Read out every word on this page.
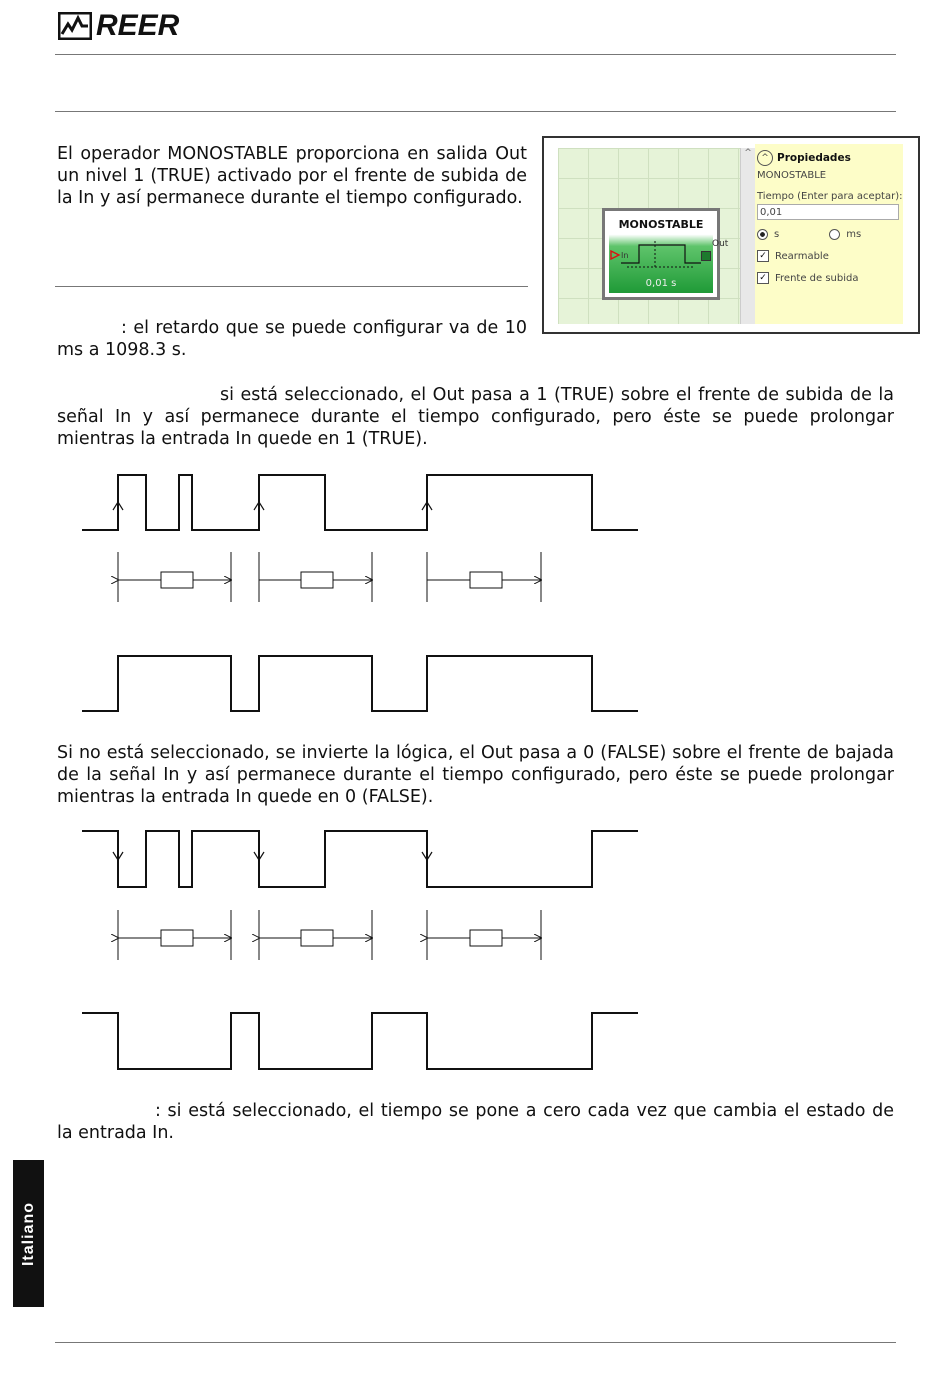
REER
El operador MONOSTABLE proporciona en salida Out un nivel 1 (TRUE) activado por el frente de subida de la In y así permanece durante el tiempo configurado.
MONOSTABLE
In
0,01 s
Out
^	^ Propiedades
MONOSTABLE
Tiempo (Enter para aceptar):
0,01
s	ms
✓ Rearmable
✓ Frente de subida
: el retardo que se puede configurar va de 10 ms a 1098.3 s.
si está seleccionado, el Out pasa a 1 (TRUE) sobre el frente de subida de la señal In y así permanece durante el tiempo configurado, pero éste se puede prolongar mientras la entrada In quede en 1 (TRUE).
Si no está seleccionado, se invierte la lógica, el Out pasa a 0 (FALSE) sobre el frente de bajada de la señal In y así permanece durante el tiempo configurado, pero éste se puede prolongar mientras la entrada In quede en 0 (FALSE).
: si está seleccionado, el tiempo se pone a cero cada vez que cambia el estado de la entrada In.
Italiano
